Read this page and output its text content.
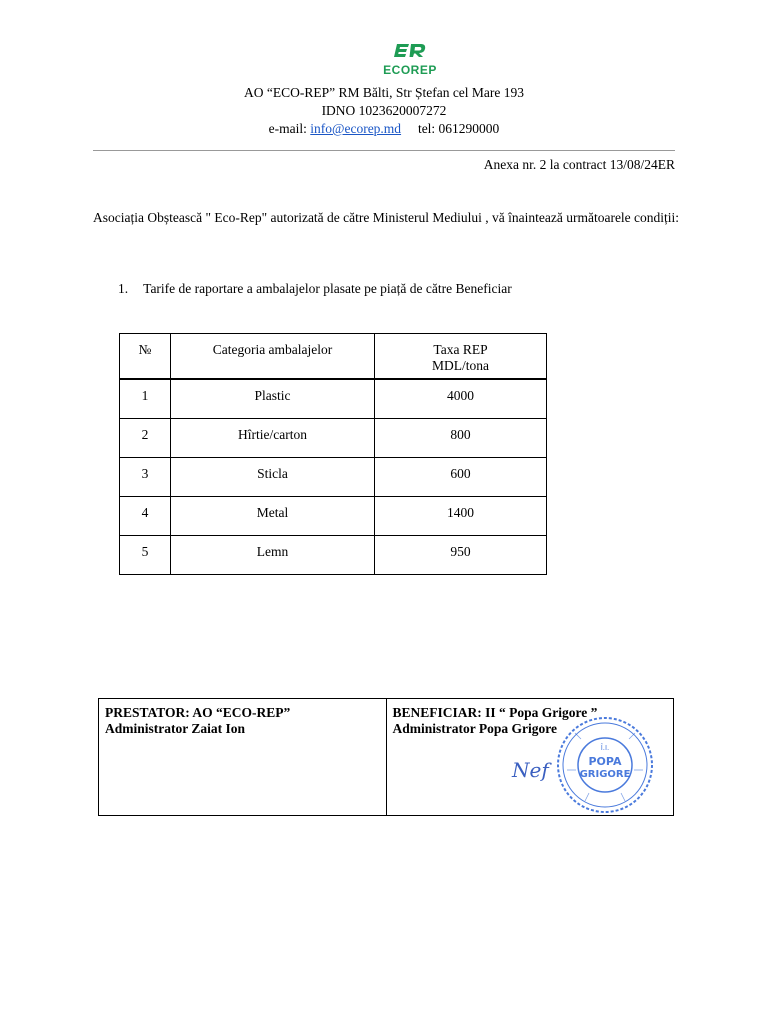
ECOREP
AO “ECO-REP” RM Bălti, Str Ștefan cel Mare 193
IDNO 1023620007272
e-mail: info@ecorep.md tel: 061290000
Anexa nr. 2 la contract 13/08/24ER
Asociația Obștească " Eco-Rep" autorizată de către Ministerul Mediului , vă înaintează următoarele condiții:
1. Tarife de raportare a ambalajelor plasate pe piață de către Beneficiar
№	Categoria ambalajelor	Taxa REP
MDL/tona

1	Plastic	4000
2	Hîrtie/carton	800
3	Sticla	600
4	Metal	1400
5	Lemn	950
PRESTATOR: AO “ECO-REP”
Administrator Zaiat Ion

BENEFICIAR: II “ Popa Grigore ”
Administrator Popa Grigore
Î.I.
POPA
GRIGORE
Nef
